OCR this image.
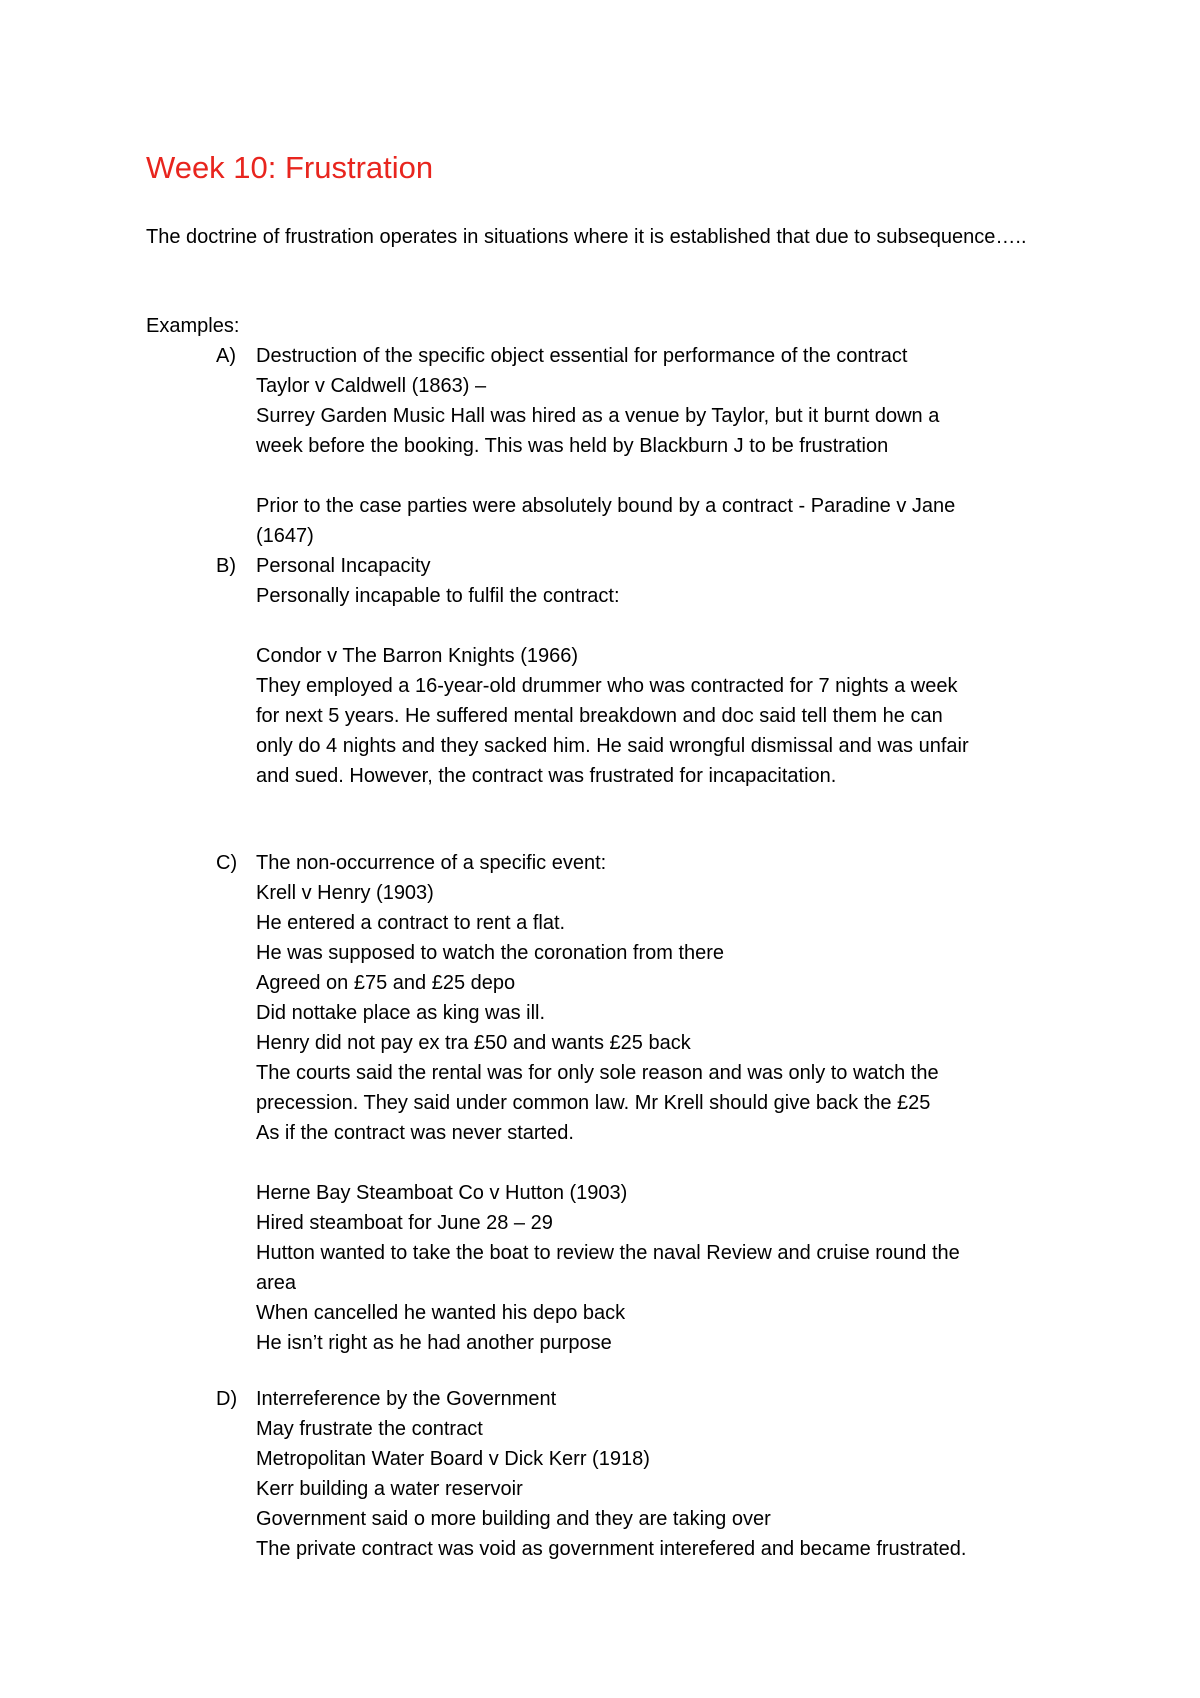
Week 10: Frustration
The doctrine of frustration operates in situations where it is established that due to subsequence…..
Examples:
A) Destruction of the specific object essential for performance of the contract
Taylor v Caldwell (1863) –
Surrey Garden Music Hall was hired as a venue by Taylor, but it burnt down a
week before the booking. This was held by Blackburn J to be frustration
Prior to the case parties were absolutely bound by a contract - Paradine v Jane
(1647)
B) Personal Incapacity
Personally incapable to fulfil the contract:
Condor v The Barron Knights (1966)
They employed a 16-year-old drummer who was contracted for 7 nights a week
for next 5 years. He suffered mental breakdown and doc said tell them he can
only do 4 nights and they sacked him. He said wrongful dismissal and was unfair
and sued. However, the contract was frustrated for incapacitation.
C) The non-occurrence of a specific event:
Krell v Henry (1903)
He entered a contract to rent a flat.
He was supposed to watch the coronation from there
Agreed on £75 and £25 depo
Did nottake place as king was ill.
Henry did not pay ex tra £50 and wants £25 back
The courts said the rental was for only sole reason and was only to watch the
precession. They said under common law. Mr Krell should give back the £25
As if the contract was never started.
Herne Bay Steamboat Co v Hutton (1903)
Hired steamboat for June 28 – 29
Hutton wanted to take the boat to review the naval Review and cruise round the
area
When cancelled he wanted his depo back
He isn’t right as he had another purpose
D) Interreference by the Government
May frustrate the contract
Metropolitan Water Board v Dick Kerr (1918)
Kerr building a water reservoir
Government said o more building and they are taking over
The private contract was void as government interefered and became frustrated.
